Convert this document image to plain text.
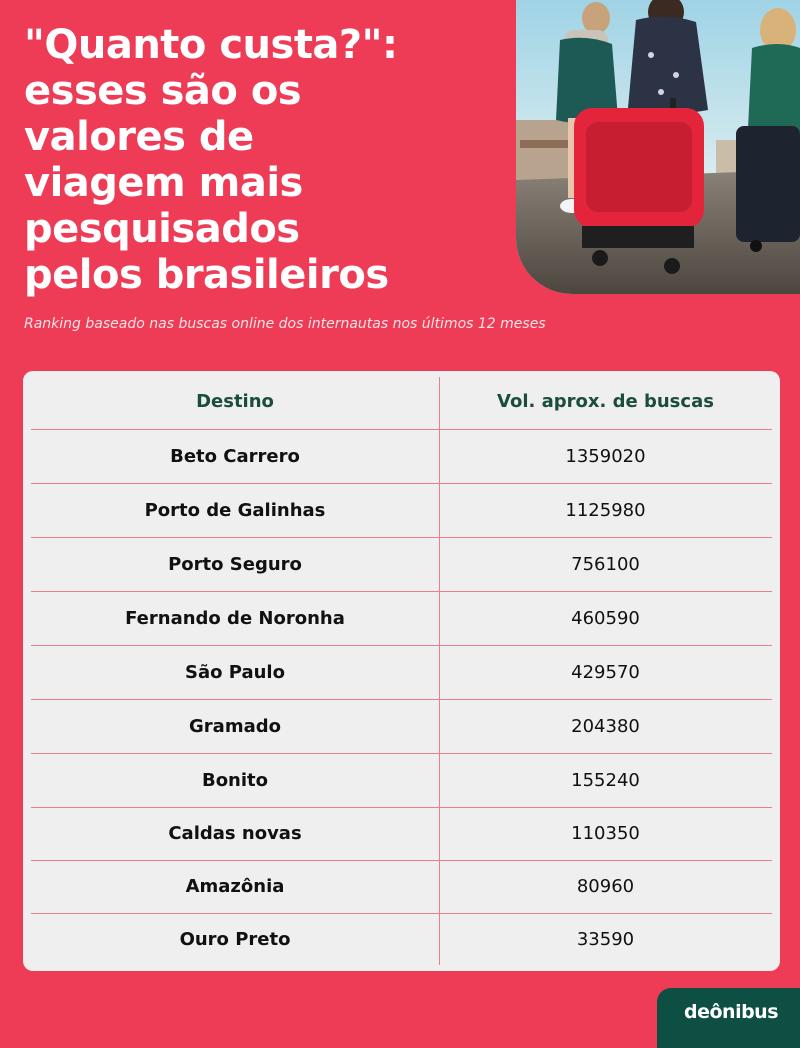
"Quanto custa?":
esses são os
valores de
viagem mais
pesquisados
pelos brasileiros

Ranking baseado nas buscas online dos internautas nos últimos 12 meses

Destino	Vol. aprox. de buscas
Beto Carrero	1359020
Porto de Galinhas	1125980
Porto Seguro	756100
Fernando de Noronha	460590
São Paulo	429570
Gramado	204380
Bonito	155240
Caldas novas	110350
Amazônia	80960
Ouro Preto	33590
deônibus
